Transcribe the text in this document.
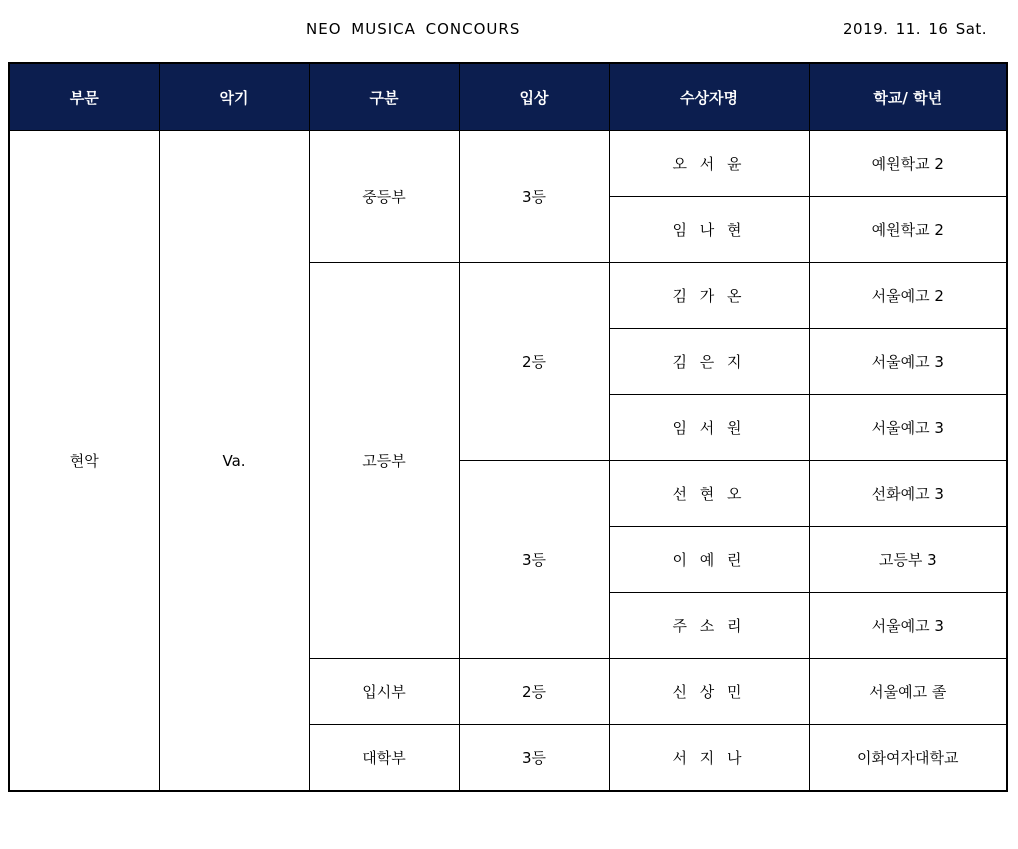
NEO MUSICA CONCOURS	2019. 11. 16 Sat.
부문	악기	구분	입상	수상자명	학교/ 학년
현악	Va.	중등부	3등	오 서 윤	예원학교 2
				임 나 현	예원학교 2
		고등부	2등	김 가 온	서울예고 2
				김 은 지	서울예고 3
				임 서 원	서울예고 3
			3등	선 현 오	선화예고 3
				이 예 린	고등부 3
				주 소 리	서울예고 3
		입시부	2등	신 상 민	서울예고 졸
		대학부	3등	서 지 나	이화여자대학교
